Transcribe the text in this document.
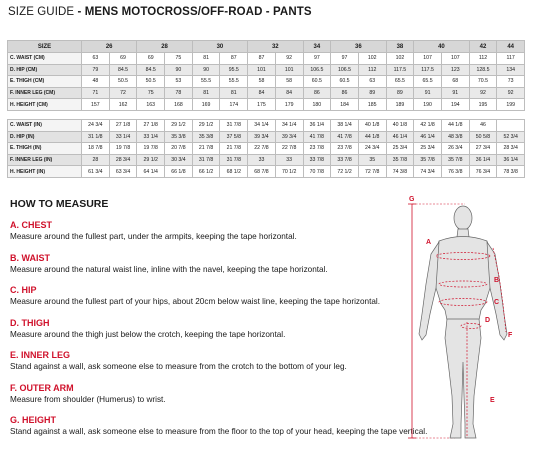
SIZE GUIDE - MENS MOTOCROSS/OFF-ROAD - PANTS
SIZE	26		28		30		32		34	36		38	40		42	44
C. WAIST (CM)	63	69	69	75	81	87	87	92	97	97	102	102	107	107	112	117
D. HIP (CM)	79	84.5	84.5	90	90	95.5	101	101	106.5	106.5	112	117.5	117.5	123	128.5	134
E. THIGH (CM)	48	50.5	50.5	53	55.5	55.5	58	58	60.5	60.5	63	65.5	65.5	68	70.5	73
F. INNER LEG (CM)	71	72	75	78	81	81	84	84	86	86	89	89	91	91	92	92
H. HEIGHT (CM)	157	162	163	168	169	174	175	179	180	184	185	189	190	194	195	199

C. WAIST (IN)	24 3/4	27 1/8	27 1/8	29 1/2	29 1/2	31 7/8	34 1/4	34 1/4	36 1/4	38 1/4	40 1/8	40 1/8	42 1/8	44 1/8	46	
D. HIP (IN)	31 1/8	33 1/4	33 1/4	35 3/8	35 3/8	37 5/8	39 3/4	39 3/4	41 7/8	41 7/8	44 1/8	46 1/4	46 1/4	48 3/8	50 5/8	52 3/4
E. THIGH (IN)	18 7/8	19 7/8	19 7/8	20 7/8	21 7/8	21 7/8	22 7/8	22 7/8	23 7/8	23 7/8	24 3/4	25 3/4	25 3/4	26 3/4	27 3/4	28 3/4
F. INNER LEG (IN)	28	28 3/4	29 1/2	30 3/4	31 7/8	31 7/8	33	33	33 7/8	33 7/8	35	35 7/8	35 7/8	35 7/8	36 1/4	36 1/4
H. HEIGHT (IN)	61 3/4	63 3/4	64 1/4	66 1/8	66 1/2	68 1/2	68 7/8	70 1/2	70 7/8	72 1/2	72 7/8	74 3/8	74 3/4	76 3/8	76 3/4	78 3/8
HOW TO MEASURE
A. CHEST
Measure around the fullest part, under the armpits, keeping the tape horizontal.
B. WAIST
Measure around the natural waist line, inline with the navel, keeping the tape horizontal.
C. HIP
Measure around the fullest part of your hips, about 20cm below waist line, keeping the tape horizontal.
D. THIGH
Measure around the thigh just below the crotch, keeping the tape horizontal.
E. INNER LEG
Stand against a wall, ask someone else to measure from the crotch to the bottom of your leg.
F. OUTER ARM
Measure from shoulder (Humerus) to wrist.
G. HEIGHT
Stand against a wall, ask someone else to measure from the floor to the top of your head, keeping the tape vertical.
G
F
A
B
C
D
E
